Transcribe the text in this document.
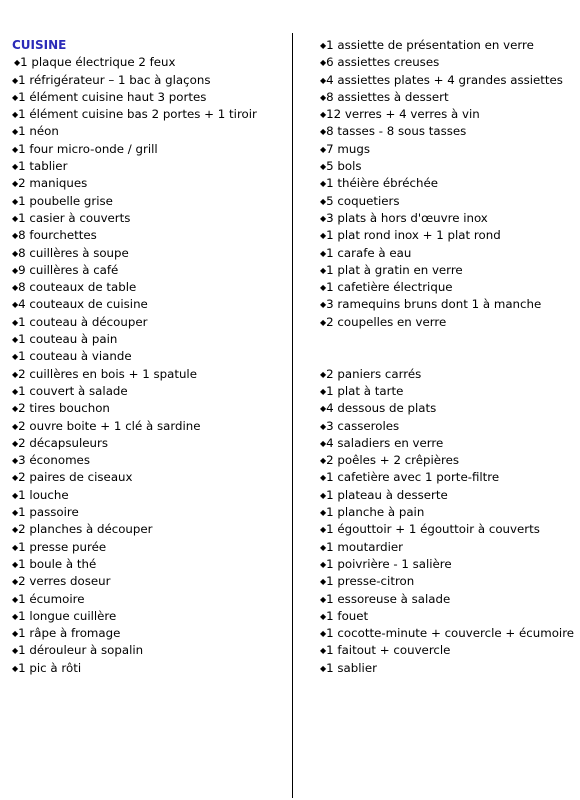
CUISINE
◆1 plaque électrique 2 feux
◆1 réfrigérateur – 1 bac à glaçons
◆1 élément cuisine haut 3 portes
◆1 élément cuisine bas 2 portes + 1 tiroir
◆1 néon
◆1 four micro-onde / grill
◆1 tablier
◆2 maniques
◆1 poubelle grise
◆1 casier à couverts
◆8 fourchettes
◆8 cuillères à soupe
◆9 cuillères à café
◆8 couteaux de table
◆4 couteaux de cuisine
◆1 couteau à découper
◆1 couteau à pain
◆1 couteau à viande
◆2 cuillères en bois + 1 spatule
◆1 couvert à salade
◆2 tires bouchon
◆2 ouvre boite + 1 clé à sardine
◆2 décapsuleurs
◆3 économes
◆2 paires de ciseaux
◆1 louche
◆1 passoire
◆2 planches à découper
◆1 presse purée
◆1 boule à thé
◆2 verres doseur
◆1 écumoire
◆1 longue cuillère
◆1 râpe à fromage
◆1 dérouleur à sopalin
◆1 pic à rôti
◆1 assiette de présentation en verre
◆6 assiettes creuses
◆4 assiettes plates + 4 grandes assiettes
◆8 assiettes à dessert
◆12 verres + 4 verres à vin
◆8 tasses - 8 sous tasses
◆7 mugs
◆5 bols
◆1 théière ébréchée
◆5 coquetiers
◆3 plats à hors d'œuvre inox
◆1 plat rond inox + 1 plat rond
◆1 carafe à eau
◆1 plat à gratin en verre
◆1 cafetière électrique
◆3 ramequins bruns dont 1 à manche
◆2 coupelles en verre
◆2 paniers carrés
◆1 plat à tarte
◆4 dessous de plats
◆3 casseroles
◆4 saladiers en verre
◆2 poêles + 2 crêpières
◆1 cafetière avec 1 porte-filtre
◆1 plateau à desserte
◆1 planche à pain
◆1 égouttoir + 1 égouttoir à couverts
◆1 moutardier
◆1 poivrière - 1 salière
◆1 presse-citron
◆1 essoreuse à salade
◆1 fouet
◆1 cocotte-minute + couvercle + écumoire
◆1 faitout + couvercle
◆1 sablier
